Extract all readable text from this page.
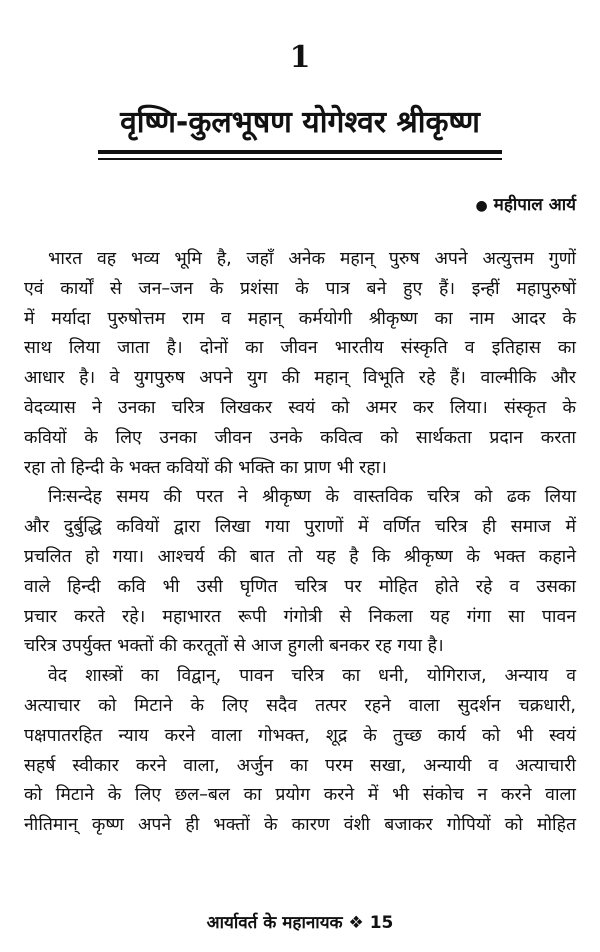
1
वृष्णि-कुलभूषण योगेश्वर श्रीकृष्ण
● महीपाल आर्य

भारत वह भव्य भूमि है, जहाँ अनेक महान् पुरुष अपने अत्युत्तम गुणों
एवं कार्यों से जन–जन के प्रशंसा के पात्र बने हुए हैं। इन्हीं महापुरुषों
में मर्यादा पुरुषोत्तम राम व महान् कर्मयोगी श्रीकृष्ण का नाम आदर के
साथ लिया जाता है। दोनों का जीवन भारतीय संस्कृति व इतिहास का
आधार है। वे युगपुरुष अपने युग की महान् विभूति रहे हैं। वाल्मीकि और
वेदव्यास ने उनका चरित्र लिखकर स्वयं को अमर कर लिया। संस्कृत के
कवियों के लिए उनका जीवन उनके कवित्व को सार्थकता प्रदान करता
रहा तो हिन्दी के भक्त कवियों की भक्ति का प्राण भी रहा।

निःसन्देह समय की परत ने श्रीकृष्ण के वास्तविक चरित्र को ढक लिया
और दुर्बुद्धि कवियों द्वारा लिखा गया पुराणों में वर्णित चरित्र ही समाज में
प्रचलित हो गया। आश्चर्य की बात तो यह है कि श्रीकृष्ण के भक्त कहाने
वाले हिन्दी कवि भी उसी घृणित चरित्र पर मोहित होते रहे व उसका
प्रचार करते रहे। महाभारत रूपी गंगोत्री से निकला यह गंगा सा पावन
चरित्र उपर्युक्त भक्तों की करतूतों से आज हुगली बनकर रह गया है।

वेद शास्त्रों का विद्वान्, पावन चरित्र का धनी, योगिराज, अन्याय व
अत्याचार को मिटाने के लिए सदैव तत्पर रहने वाला सुदर्शन चक्रधारी,
पक्षपातरहित न्याय करने वाला गोभक्त, शूद्र के तुच्छ कार्य को भी स्वयं
सहर्ष स्वीकार करने वाला, अर्जुन का परम सखा, अन्यायी व अत्याचारी
को मिटाने के लिए छल–बल का प्रयोग करने में भी संकोच न करने वाला
नीतिमान् कृष्ण अपने ही भक्तों के कारण वंशी बजाकर गोपियों को मोहित

आर्यावर्त के महानायक ❖ 15
